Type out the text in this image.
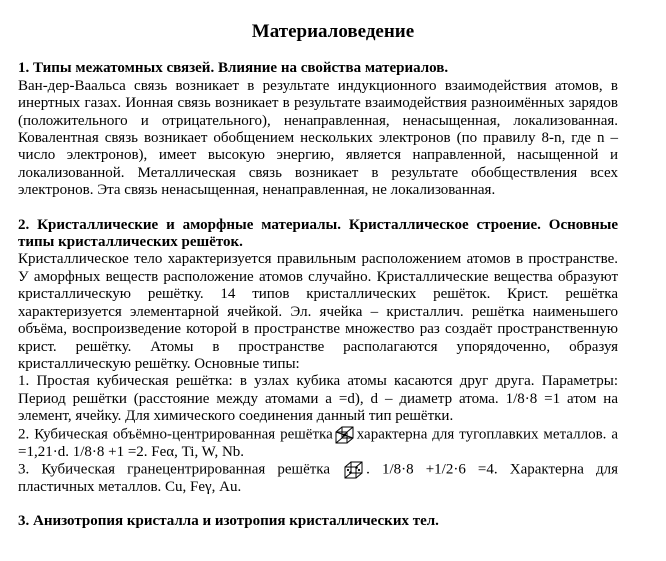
Материаловедение

1. Типы межатомных связей. Влияние на свойства материалов.

Ван-дер-Ваальса связь возникает в результате индукционного взаимодействия атомов, в инертных газах. Ионная связь возникает в результате взаимодействия разноимённых зарядов (положительного и отрицательного), ненаправленная, ненасыщенная, локализованная. Ковалентная связь возникает обобщением нескольких электронов (по правилу 8-n, где n – число электронов), имеет высокую энергию, является направленной, насыщенной и локализованной. Металлическая связь возникает в результате обобществления всех электронов. Эта связь ненасыщенная, ненаправленная, не локализованная.

2. Кристаллические и аморфные материалы. Кристаллическое строение. Основные типы кристаллических решёток.

Кристаллическое тело характеризуется правильным расположением атомов в пространстве. У аморфных веществ расположение атомов случайно. Кристаллические вещества образуют кристаллическую решётку. 14 типов кристаллических решёток. Крист. решётка характеризуется элементарной ячейкой. Эл. ячейка – кристаллич. решётка наименьшего объёма, воспроизведение которой в пространстве множество раз создаёт пространственную крист. решётку. Атомы в пространстве располагаются упорядоченно, образуя кристаллическую решётку. Основные типы:

1. Простая кубическая решётка: в узлах кубика атомы касаются друг друга. Параметры: Период решётки (расстояние между атомами a =d), d – диаметр атома. 1/8·8 =1 атом на элемент, ячейку. Для химического соединения данный тип решётки.

2. Кубическая объёмно-центрированная решётка характерна для тугоплавких металлов. a =1,21·d. 1/8·8 +1 =2. Feα, Ti, W, Nb.

3. Кубическая гранецентрированная решётка . 1/8·8 +1/2·6 =4. Характерна для пластичных металлов. Cu, Feγ, Au.

3. Анизотропия кристалла и изотропия кристаллических тел.
